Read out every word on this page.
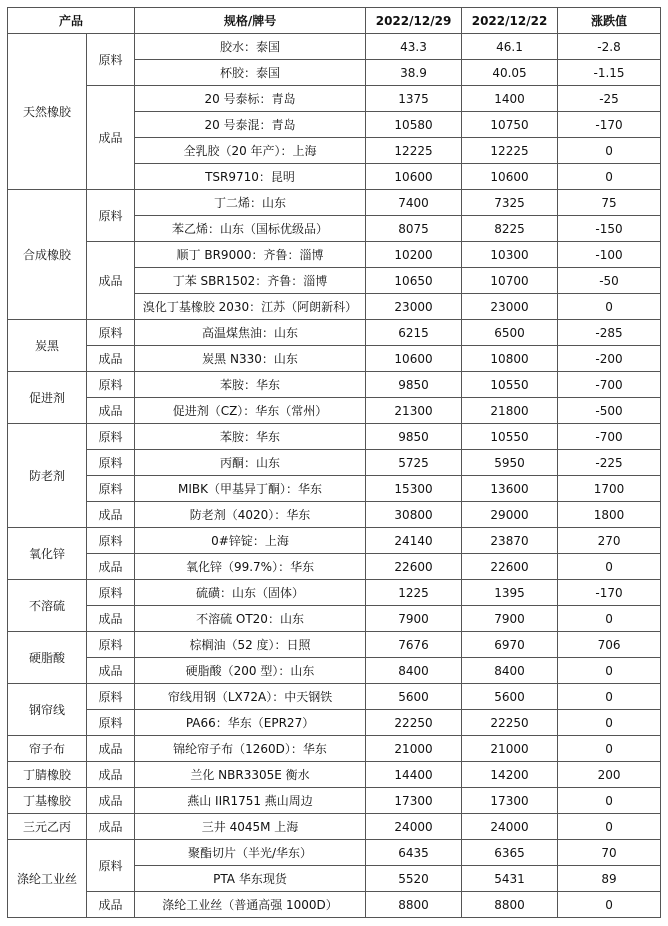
产品		规格/牌号	2022/12/29	2022/12/22	涨跌值
天然橡胶	原料	胶水：泰国	43.3	46.1	-2.8
		杯胶：泰国	38.9	40.05	-1.15
	成品	20 号泰标：青岛	1375	1400	-25
		20 号泰混：青岛	10580	10750	-170
		全乳胶（20 年产）：上海	12225	12225	0
		TSR9710：昆明	10600	10600	0
合成橡胶	原料	丁二烯：山东	7400	7325	75
		苯乙烯：山东（国标优级品）	8075	8225	-150
	成品	顺丁 BR9000：齐鲁：淄博	10200	10300	-100
		丁苯 SBR1502：齐鲁：淄博	10650	10700	-50
		溴化丁基橡胶 2030：江苏（阿朗新科）	23000	23000	0
炭黑	原料	高温煤焦油：山东	6215	6500	-285
	成品	炭黑 N330：山东	10600	10800	-200
促进剂	原料	苯胺：华东	9850	10550	-700
	成品	促进剂（CZ）：华东（常州）	21300	21800	-500
防老剂	原料	苯胺：华东	9850	10550	-700
	原料	丙酮：山东	5725	5950	-225
	原料	MIBK（甲基异丁酮）：华东	15300	13600	1700
	成品	防老剂（4020）：华东	30800	29000	1800
氧化锌	原料	0#锌锭：上海	24140	23870	270
	成品	氧化锌（99.7%）：华东	22600	22600	0
不溶硫	原料	硫磺：山东（固体）	1225	1395	-170
	成品	不溶硫 OT20：山东	7900	7900	0
硬脂酸	原料	棕榈油（52 度）：日照	7676	6970	706
	成品	硬脂酸（200 型）：山东	8400	8400	0
钢帘线	原料	帘线用钢（LX72A）：中天钢铁	5600	5600	0
	原料	PA66：华东（EPR27）	22250	22250	0
帘子布	成品	锦纶帘子布（1260D）：华东	21000	21000	0
丁腈橡胶	成品	兰化 NBR3305E 衡水	14400	14200	200
丁基橡胶	成品	燕山 IIR1751 燕山周边	17300	17300	0
三元乙丙	成品	三井 4045M 上海	24000	24000	0
涤纶工业丝	原料	聚酯切片（半光/华东）	6435	6365	70
		PTA 华东现货	5520	5431	89
	成品	涤纶工业丝（普通高强 1000D）	8800	8800	0
